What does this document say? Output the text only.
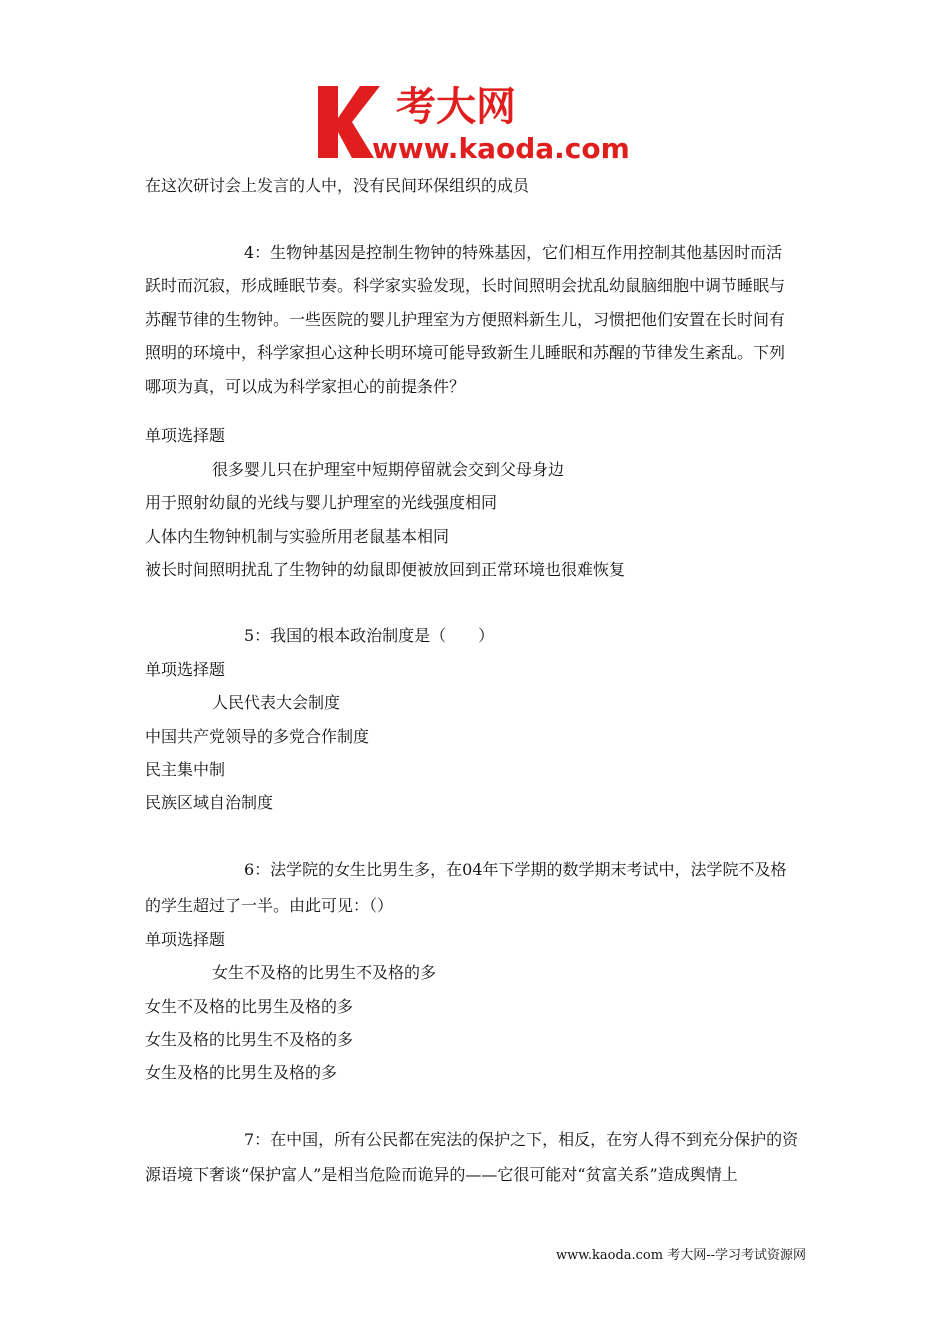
考大网
www.kaoda.com
在这次研讨会上发言的人中，没有民间环保组织的成员
4：生物钟基因是控制生物钟的特殊基因，它们相互作用控制其他基因时而活
跃时而沉寂，形成睡眠节奏。科学家实验发现，长时间照明会扰乱幼鼠脑细胞中调节睡眠与
苏醒节律的生物钟。一些医院的婴儿护理室为方便照料新生儿，习惯把他们安置在长时间有
照明的环境中，科学家担心这种长明环境可能导致新生儿睡眠和苏醒的节律发生紊乱。下列
哪项为真，可以成为科学家担心的前提条件？
单项选择题
很多婴儿只在护理室中短期停留就会交到父母身边
用于照射幼鼠的光线与婴儿护理室的光线强度相同
人体内生物钟机制与实验所用老鼠基本相同
被长时间照明扰乱了生物钟的幼鼠即便被放回到正常环境也很难恢复
5：我国的根本政治制度是（　　）
单项选择题
人民代表大会制度
中国共产党领导的多党合作制度
民主集中制
民族区域自治制度
6：法学院的女生比男生多，在04年下学期的数学期末考试中，法学院不及格
的学生超过了一半。由此可见：（）
单项选择题
女生不及格的比男生不及格的多
女生不及格的比男生及格的多
女生及格的比男生不及格的多
女生及格的比男生及格的多
7：在中国，所有公民都在宪法的保护之下，相反，在穷人得不到充分保护的资
源语境下奢谈“保护富人”是相当危险而诡异的——它很可能对“贫富关系”造成舆情上
www.kaoda.com 考大网--学习考试资源网
